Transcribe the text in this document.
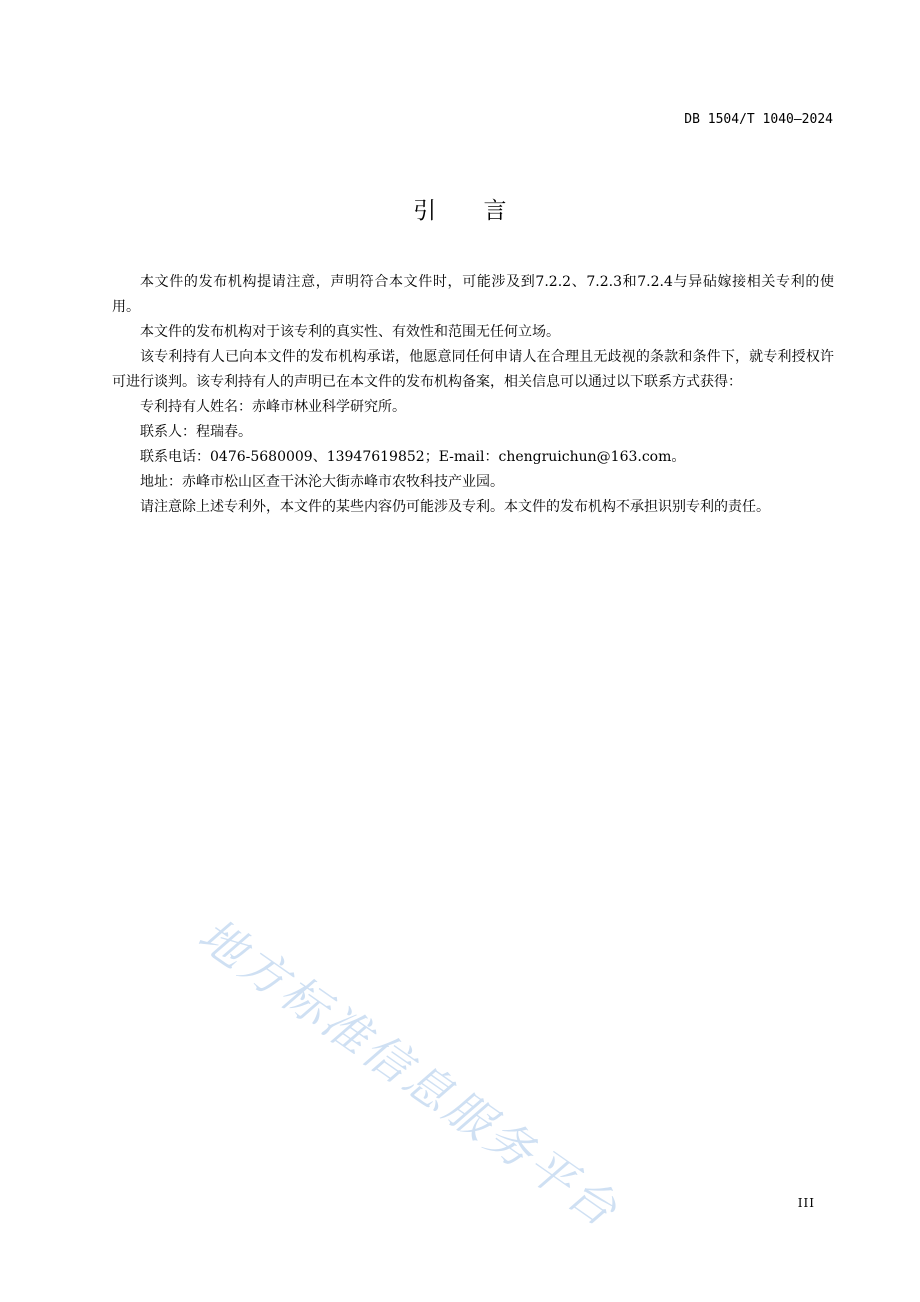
DB 1504/T 1040—2024
引　　言

本文件的发布机构提请注意，声明符合本文件时，可能涉及到7.2.2、7.2.3和7.2.4与异砧嫁接相关专利的使用。

本文件的发布机构对于该专利的真实性、有效性和范围无任何立场。

该专利持有人已向本文件的发布机构承诺，他愿意同任何申请人在合理且无歧视的条款和条件下，就专利授权许可进行谈判。该专利持有人的声明已在本文件的发布机构备案，相关信息可以通过以下联系方式获得：

专利持有人姓名：赤峰市林业科学研究所。

联系人：程瑞春。

联系电话：0476-5680009、13947619852；E-mail：chengruichun@163.com。

地址：赤峰市松山区查干沐沦大街赤峰市农牧科技产业园。

请注意除上述专利外，本文件的某些内容仍可能涉及专利。本文件的发布机构不承担识别专利的责任。

地方标准信息服务平台	III
